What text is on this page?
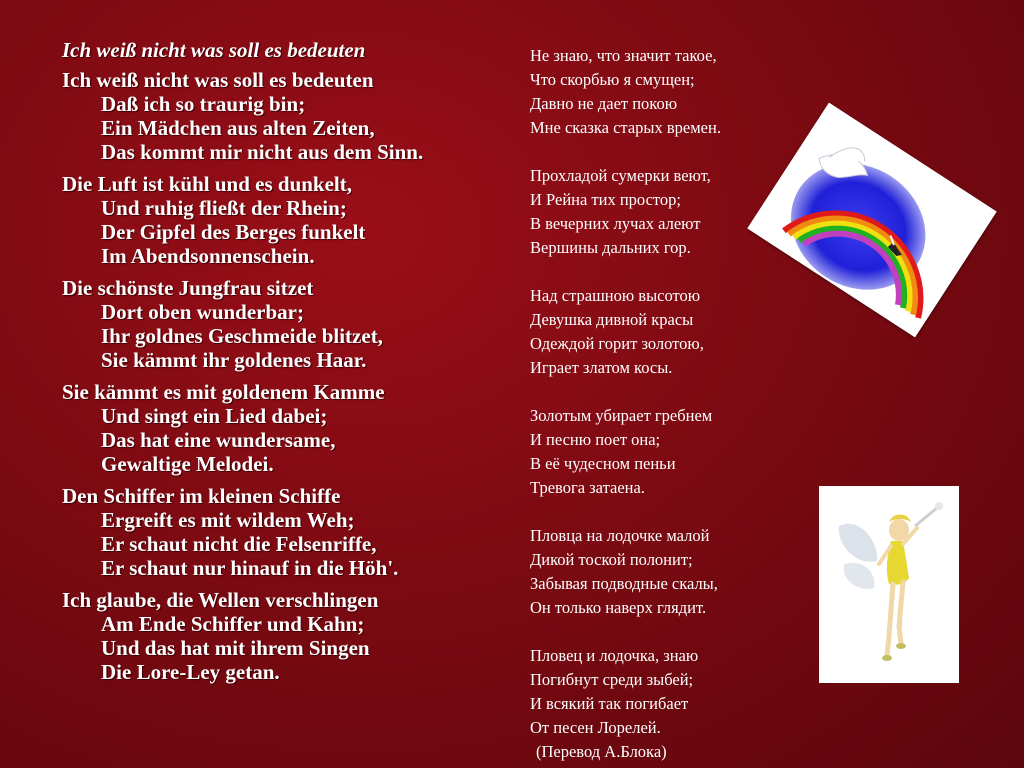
Ich weiß nicht was soll es bedeuten
Ich weiß nicht was soll es bedeuten
Daß ich so traurig bin;
Ein Mädchen aus alten Zeiten,
Das kommt mir nicht aus dem Sinn.
Die Luft ist kühl und es dunkelt,
Und ruhig fließt der Rhein;
Der Gipfel des Berges funkelt
Im Abendsonnenschein.
Die schönste Jungfrau sitzet
Dort oben wunderbar;
Ihr goldnes Geschmeide blitzet,
Sie kämmt ihr goldenes Haar.
Sie kämmt es mit goldenem Kamme
Und singt ein Lied dabei;
Das hat eine wundersame,
Gewaltige Melodei.
Den Schiffer im kleinen Schiffe
Ergreift es mit wildem Weh;
Er schaut nicht die Felsenriffe,
Er schaut nur hinauf in die Höh'.
Ich glaube, die Wellen verschlingen
Am Ende Schiffer und Kahn;
Und das hat mit ihrem Singen
Die Lore-Ley getan.
Не знаю, что значит такое,
Что скорбью я смущен;
Давно не дает покою
Мне сказка старых времен.
Прохладой сумерки веют,
И Рейна тих простор;
В вечерних лучах алеют
Вершины дальних гор.
Над страшною высотою
Девушка дивной красы
Одеждой горит золотою,
Играет златом косы.
Золотым убирает гребнем
И песню поет она;
В её чудесном пеньи
Тревога затаена.
Пловца на лодочке малой
Дикой тоской полонит;
Забывая подводные скалы,
Он только наверх глядит.
Пловец и лодочка, знаю
Погибнут среди зыбей;
И всякий так погибает
От песен Лорелей.
(Перевод А.Блока)
